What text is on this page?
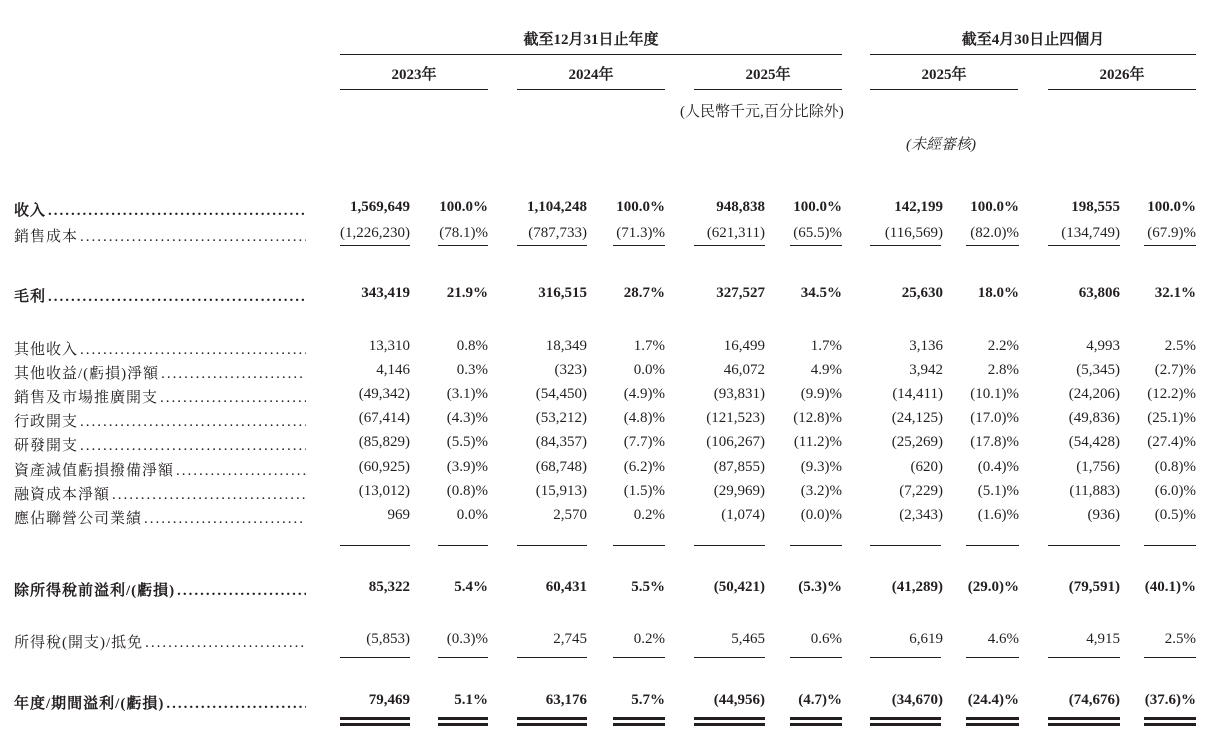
截至12月31日止年度	截至4月30日止四個月
2023年	2024年	2025年	2025年	2026年
(人民幣千元,百分比除外)
(未經審核)
收入 .....	1,569,649	100.0%	1,104,248	100.0%	948,838	100.0%	142,199	100.0%	198,555	100.0%
銷售成本 .....	(1,226,230)	(78.1)%	(787,733)	(71.3)%	(621,311)	(65.5)%	(116,569)	(82.0)%	(134,749)	(67.9)%
毛利 .....	343,419	21.9%	316,515	28.7%	327,527	34.5%	25,630	18.0%	63,806	32.1%
其他收入 .....	13,310	0.8%	18,349	1.7%	16,499	1.7%	3,136	2.2%	4,993	2.5%
其他收益/(虧損)淨額 .....	4,146	0.3%	(323)	0.0%	46,072	4.9%	3,942	2.8%	(5,345)	(2.7)%
銷售及市場推廣開支 .....	(49,342)	(3.1)%	(54,450)	(4.9)%	(93,831)	(9.9)%	(14,411)	(10.1)%	(24,206)	(12.2)%
行政開支 .....	(67,414)	(4.3)%	(53,212)	(4.8)%	(121,523)	(12.8)%	(24,125)	(17.0)%	(49,836)	(25.1)%
研發開支 .....	(85,829)	(5.5)%	(84,357)	(7.7)%	(106,267)	(11.2)%	(25,269)	(17.8)%	(54,428)	(27.4)%
資產減值虧損撥備淨額 .....	(60,925)	(3.9)%	(68,748)	(6.2)%	(87,855)	(9.3)%	(620)	(0.4)%	(1,756)	(0.8)%
融資成本淨額 .....	(13,012)	(0.8)%	(15,913)	(1.5)%	(29,969)	(3.2)%	(7,229)	(5.1)%	(11,883)	(6.0)%
應佔聯營公司業績 .....	969	0.0%	2,570	0.2%	(1,074)	(0.0)%	(2,343)	(1.6)%	(936)	(0.5)%
除所得稅前溢利/(虧損) .....	85,322	5.4%	60,431	5.5%	(50,421)	(5.3)%	(41,289)	(29.0)%	(79,591)	(40.1)%
所得稅(開支)/抵免 .....	(5,853)	(0.3)%	2,745	0.2%	5,465	0.6%	6,619	4.6%	4,915	2.5%
年度/期間溢利/(虧損) .....	79,469	5.1%	63,176	5.7%	(44,956)	(4.7)%	(34,670)	(24.4)%	(74,676)	(37.6)%
